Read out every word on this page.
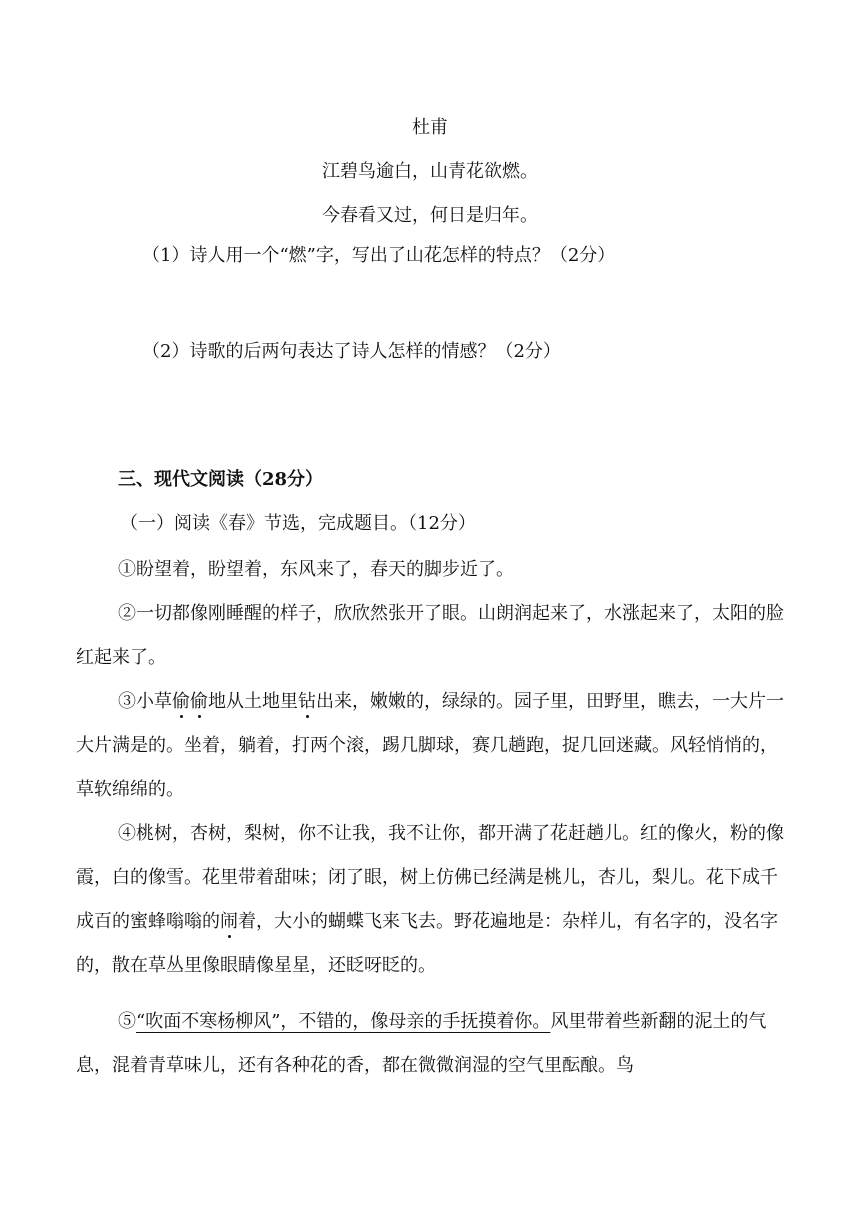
杜甫
江碧鸟逾白，山青花欲燃。
今春看又过，何日是归年。
（1）诗人用一个“燃”字，写出了山花怎样的特点？（2分）
（2）诗歌的后两句表达了诗人怎样的情感？（2分）
三、现代文阅读（28分）
（一）阅读《春》节选，完成题目。（12分）
①盼望着，盼望着，东风来了，春天的脚步近了。
②一切都像刚睡醒的样子，欣欣然张开了眼。山朗润起来了，水涨起来了，太阳的脸红起来了。
③小草偷偷地从土地里钻出来，嫩嫩的，绿绿的。园子里，田野里，瞧去，一大片一大片满是的。坐着，躺着，打两个滚，踢几脚球，赛几趟跑，捉几回迷藏。风轻悄悄的，草软绵绵的。
④桃树，杏树，梨树，你不让我，我不让你，都开满了花赶趟儿。红的像火，粉的像霞，白的像雪。花里带着甜味；闭了眼，树上仿佛已经满是桃儿，杏儿，梨儿。花下成千成百的蜜蜂嗡嗡的闹着，大小的蝴蝶飞来飞去。野花遍地是：杂样儿，有名字的，没名字的，散在草丛里像眼睛像星星，还眨呀眨的。
⑤“吹面不寒杨柳风”，不错的，像母亲的手抚摸着你。风里带着些新翻的泥土的气息，混着青草味儿，还有各种花的香，都在微微润湿的空气里酝酿。鸟
